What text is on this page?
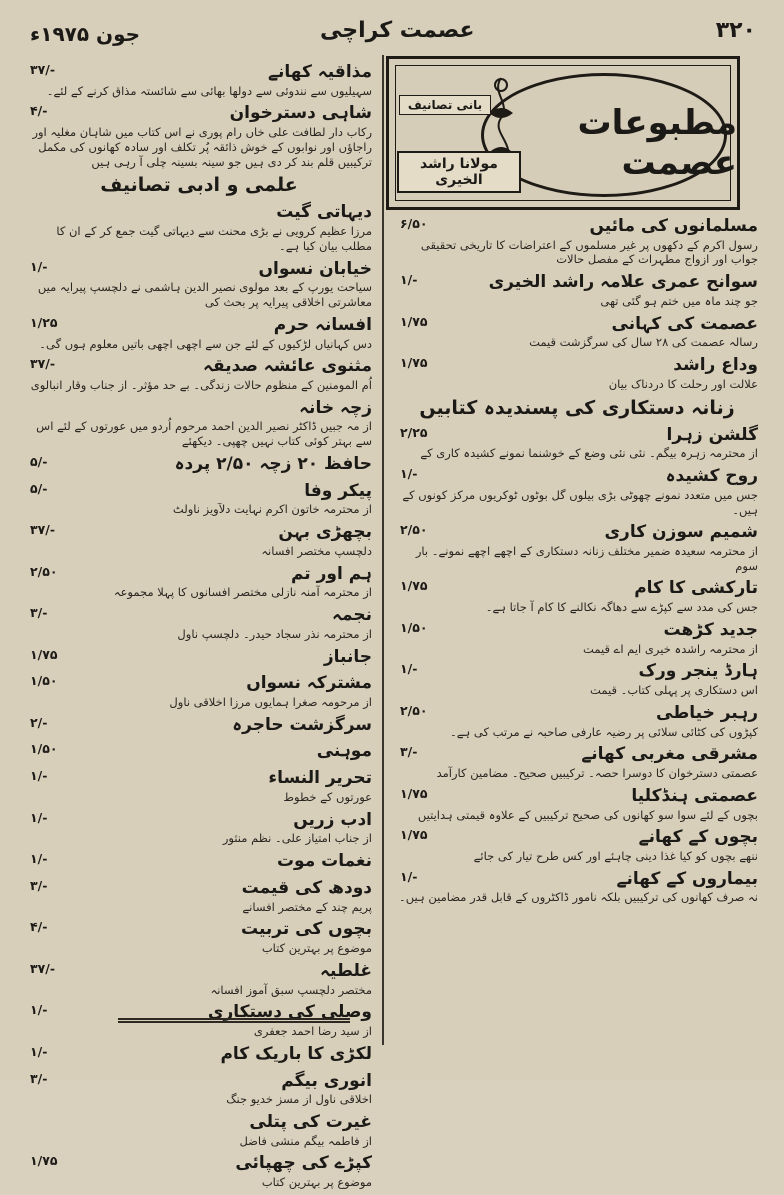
جون ۱۹۷۵ء	عصمت کراچی	۳۲۰
مطبوعات عصمت
بانی تصانیف
مولانا راشد الخیری
۳۷/-	مذاقیہ کھانے
سہیلیوں سے نندوئی سے دولھا بھائی سے شائستہ مذاق کرنے کے لئے۔
۴/-	شاہی دسترخوان
رکاب دار لطافت علی خاں رام پوری نے اس کتاب میں شاہان مغلیہ اور راجاؤں اور نوابوں کے خوش ذائقہ پُر تکلف اور سادہ کھانوں کی مکمل ترکیبیں قلم بند کر دی ہیں جو سینہ بسینہ چلی آ رہی ہیں
علمی و ادبی تصانیف
دیہاتی گیت
مرزا عظیم کرویی نے بڑی محنت سے دیہاتی گیت جمع کر کے ان کا مطلب بیان کیا ہے۔
۱/-	خیابان نسواں
سیاحت یورپ کے بعد مولوی نصیر الدین ہاشمی نے دلچسپ پیرایہ میں معاشرتی اخلاقی پیرایہ پر بحث کی
۱/۲۵	افسانہ حرم
دس کہانیاں لڑکیوں کے لئے جن سے اچھی اچھی باتیں معلوم ہوں گی۔
۳۷/-	مثنوی عائشہ صدیقہ
اُم المومنین کے منظوم حالات زندگی۔ بے حد مؤثر۔ از جناب وقار انبالوی
زچہ خانہ
از مہ جبیں ڈاکٹر نصیر الدین احمد مرحوم اُردو میں عورتوں کے لئے اس سے بہتر کوئی کتاب نہیں چھپی۔ دیکھئے
۵/-	حافظ ۲۰ زچہ ۲/۵۰ پردہ
۵/-	پیکر وفا
از محترمہ خاتون اکرم نہایت دلآویز ناولٹ
۳۷/-	بچھڑی بہن
دلچسپ مختصر افسانہ
۲/۵۰	ہم اور تم
از محترمہ آمنہ نازلی مختصر افسانوں کا پہلا مجموعہ
۳/-	نجمہ
از محترمہ نذر سجاد حیدر۔ دلچسپ ناول
۱/۷۵	جانباز
۱/۵۰	مشترکہ نسواں
از مرحومہ صغرا ہمایوں مرزا اخلاقی ناول
۲/-	سرگزشت حاجرہ
۱/۵۰	موہنی
۱/-	تحریر النساء
عورتوں کے خطوط
۱/-	ادب زریں
از جناب امتیاز علی۔ نظم منثور
۱/-	نغمات موت
۳/-	دودھ کی قیمت
پریم چند کے مختصر افسانے
۴/-	بچوں کی تربیت
موضوع پر بہترین کتاب
۳۷/-	غلطیہ
مختصر دلچسپ سبق آموز افسانہ
۱/-	وصلی کی دستکاری
از سید رضا احمد جعفری
۱/-	لکڑی کا باریک کام
۳/-	انوری بیگم
اخلاقی ناول از مسز خدیو جنگ
غیرت کی پتلی
از فاطمہ بیگم منشی فاضل
۱/۷۵	کپڑے کی چھپائی
موضوع پر بہترین کتاب
۶/۵۰	مسلمانوں کی مائیں
رسول اکرم کے دکھوں پر غیر مسلموں کے اعتراضات کا تاریخی تحقیقی جواب اور ازواج مطہرات کے مفصل حالات
۱/-	سوانح عمری علامہ راشد الخیری
جو چند ماہ میں ختم ہو گئی تھی
۱/۷۵	عصمت کی کہانی
رسالہ عصمت کی ۲۸ سال کی سرگزشت قیمت
۱/۷۵	وداع راشد
علالت اور رحلت کا دردناک بیان
زنانہ دستکاری کی پسندیدہ کتابیں
۲/۲۵	گلشن زہرا
از محترمہ زہرہ بیگم۔ نئی نئی وضع کے خوشنما نمونے کشیدہ کاری کے
۱/-	روح کشیدہ
جس میں متعدد نمونے چھوٹی بڑی بیلوں گل بوٹوں ٹوکریوں مرکز کونوں کے ہیں۔
۲/۵۰	شمیم سوزن کاری
از محترمہ سعیدہ ضمیر مختلف زنانہ دستکاری کے اچھے اچھے نمونے۔ بار سوم
۱/۷۵	تارکشی کا کام
جس کی مدد سے کپڑے سے دھاگہ نکالنے کا کام آ جاتا ہے۔
۱/۵۰	جدید کڑھت
از محترمہ راشدہ خیری ایم اے قیمت
۱/-	ہارڈ ینجر ورک
اس دستکاری پر پہلی کتاب۔ قیمت
۲/۵۰	رہبر خیاطی
کپڑوں کی کٹائی سلائی پر رضیہ عارفی صاحبہ نے مرتب کی ہے۔
۳/-	مشرقی مغربی کھانے
عصمتی دسترخوان کا دوسرا حصہ۔ ترکیبیں صحیح۔ مضامین کارآمد
۱/۷۵	عصمتی ہنڈکلیا
بچوں کے لئے سوا سو کھانوں کی صحیح ترکیبیں کے علاوہ قیمتی ہدایتیں
۱/۷۵	بچوں کے کھانے
ننھے بچوں کو کیا غذا دینی چاہئے اور کس طرح تیار کی جائے
۱/-	بیماروں کے کھانے
نہ صرف کھانوں کی ترکیبیں بلکہ نامور ڈاکٹروں کے قابل قدر مضامین ہیں۔
